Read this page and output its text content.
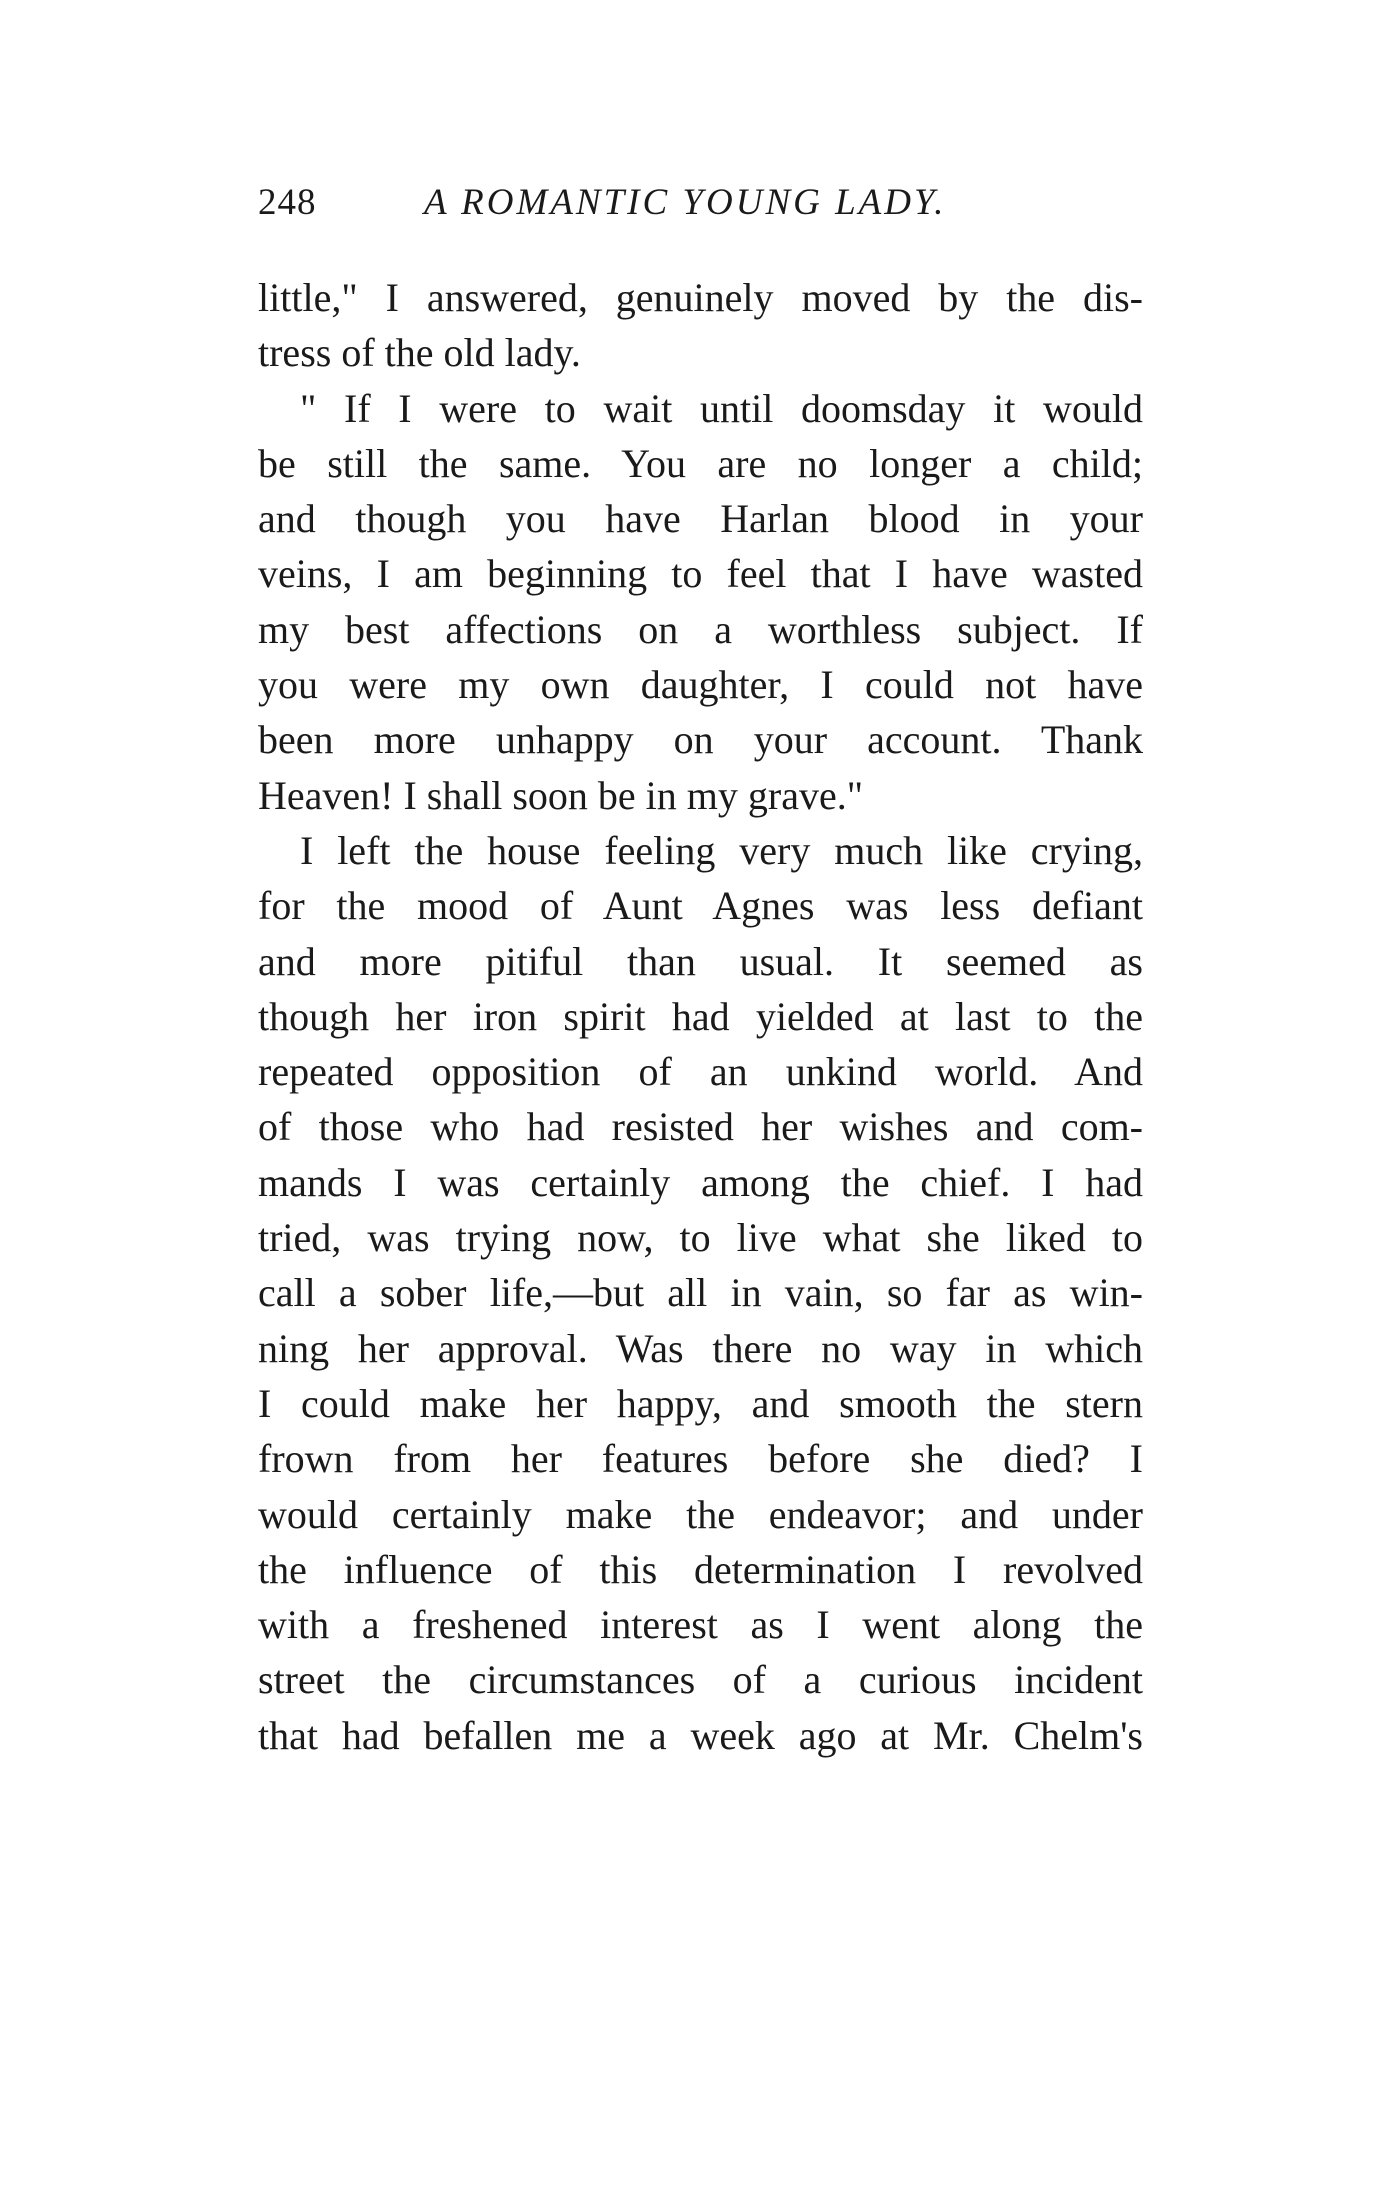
248	A ROMANTIC YOUNG LADY.
little," I answered, genuinely moved by the dis-
tress of the old lady.
" If I were to wait until doomsday it would
be still the same. You are no longer a child;
and though you have Harlan blood in your
veins, I am beginning to feel that I have wasted
my best affections on a worthless subject. If
you were my own daughter, I could not have
been more unhappy on your account. Thank
Heaven! I shall soon be in my grave."
I left the house feeling very much like crying,
for the mood of Aunt Agnes was less defiant
and more pitiful than usual. It seemed as
though her iron spirit had yielded at last to the
repeated opposition of an unkind world. And
of those who had resisted her wishes and com-
mands I was certainly among the chief. I had
tried, was trying now, to live what she liked to
call a sober life,—but all in vain, so far as win-
ning her approval. Was there no way in which
I could make her happy, and smooth the stern
frown from her features before she died? I
would certainly make the endeavor; and under
the influence of this determination I revolved
with a freshened interest as I went along the
street the circumstances of a curious incident
that had befallen me a week ago at Mr. Chelm's
